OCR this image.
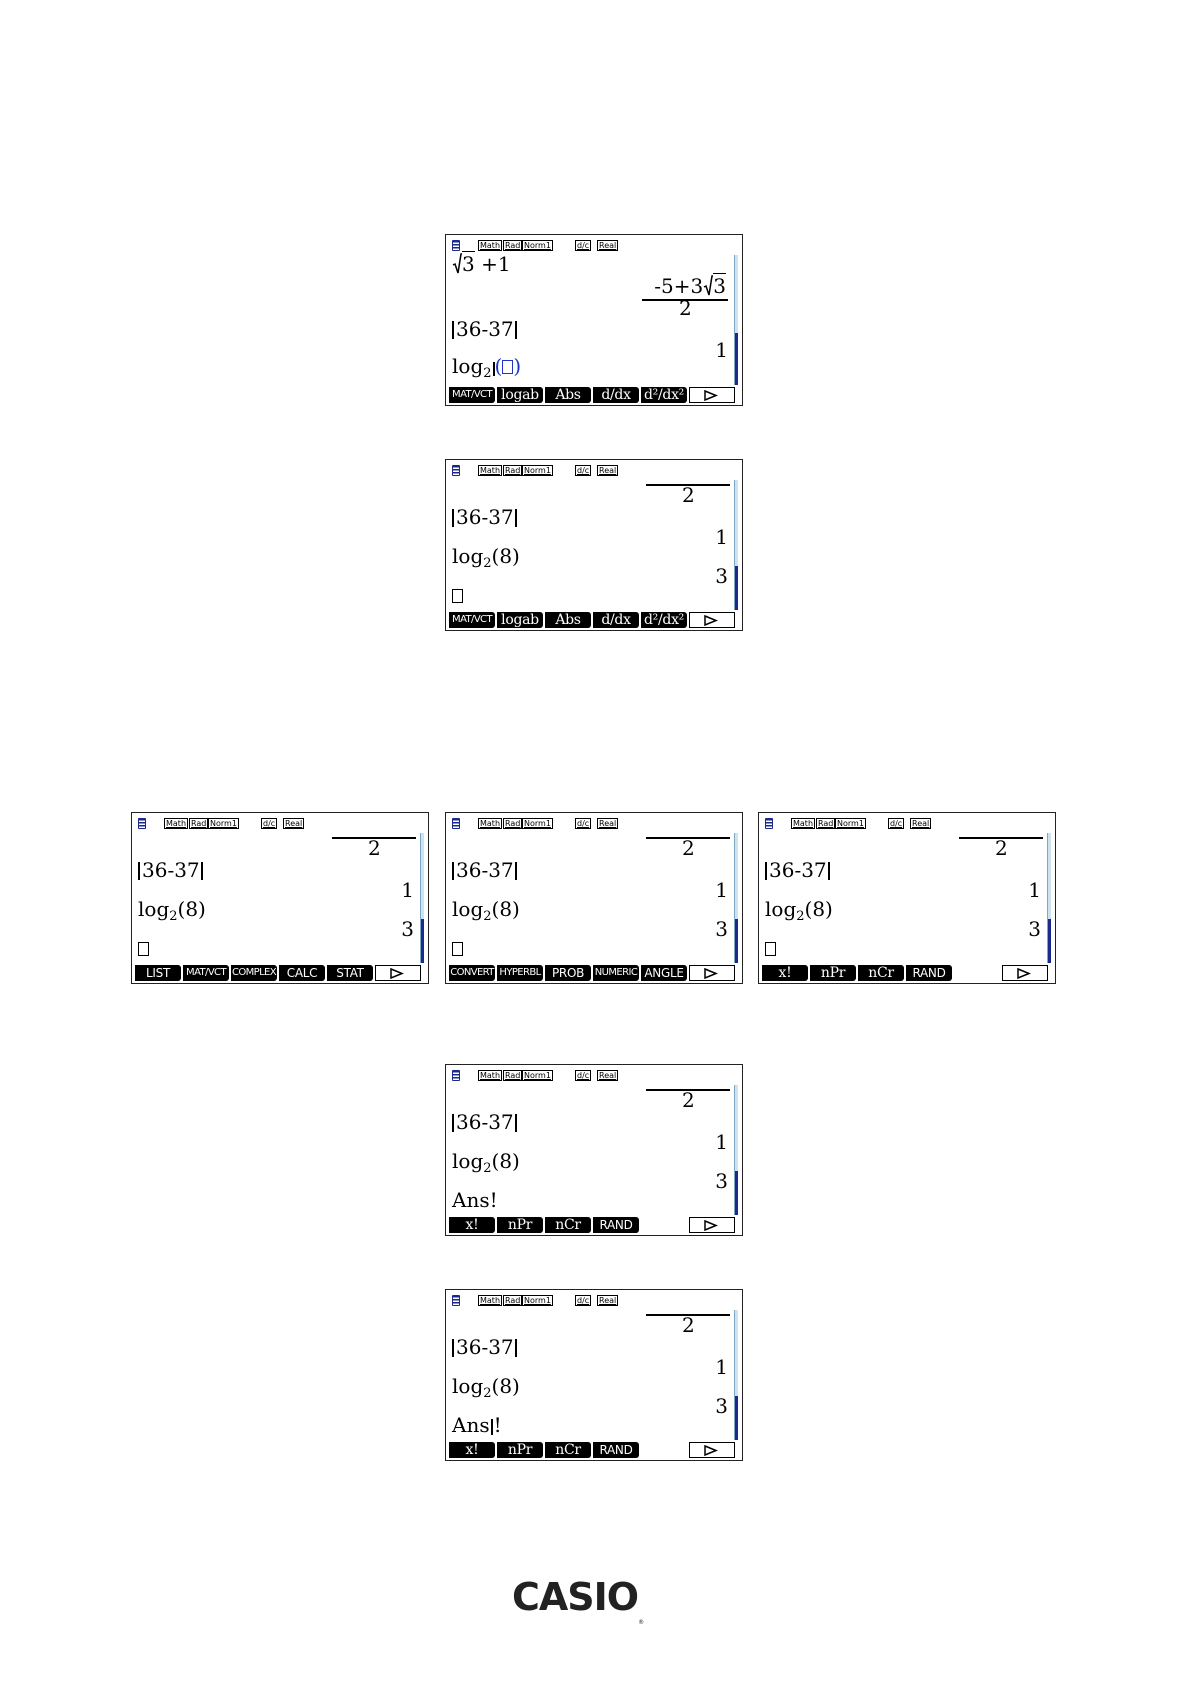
Math Rad Norm1	d/c Real
3 +1
-5+3 3
2
36-37
1
$\log_2$ ( )
MAT/VCT logab	Abs	d/dx d²/dx²
Math Rad Norm1	d/c Real
2
36-37
1
$\log_2(8)$
3
MAT/VCT logab	Abs	d/dx d²/dx²
Math Rad Norm1	d/c Real
2
36-37
1
$\log_2(8)$
3
LIST	MAT/VCT COMPLEX CALC	STAT
Math Rad Norm1	d/c Real
2
36-37
1
$\log_2(8)$
3
CONVERT HYPERBL PROB	NUMERIC ANGLE
Math Rad Norm1	d/c Real
2
36-37
1
$\log_2(8)$
3
x!	nPr	nCr	RAND
Math Rad Norm1	d/c Real
2
36-37
1
$\log_2(8)$
3
Ans!
x!	nPr	nCr	RAND
Math Rad Norm1	d/c Real
2
36-37
1
$\log_2(8)$
3
Ans !
x!	nPr	nCr	RAND
$CASIO_®$
